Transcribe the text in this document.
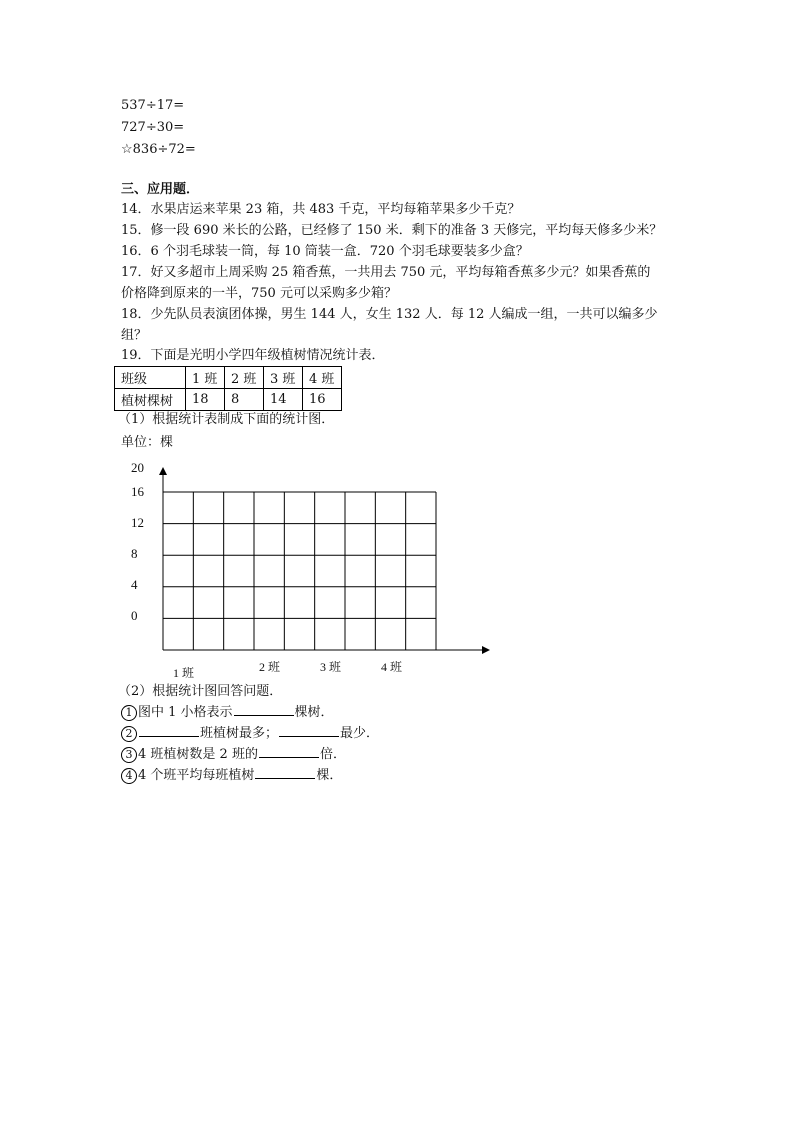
537÷17=
727÷30=
☆836÷72=
三、应用题．
14．水果店运来苹果 23 箱，共 483 千克，平均每箱苹果多少千克？
15．修一段 690 米长的公路，已经修了 150 米．剩下的准备 3 天修完，平均每天修多少米？
16．6 个羽毛球装一筒，每 10 筒装一盒．720 个羽毛球要装多少盒？
17．好又多超市上周采购 25 箱香蕉，一共用去 750 元，平均每箱香蕉多少元？如果香蕉的
价格降到原来的一半，750 元可以采购多少箱？
18．少先队员表演团体操，男生 144 人，女生 132 人．每 12 人编成一组，一共可以编多少
组？
19．下面是光明小学四年级植树情况统计表．
班级	1 班	2 班	3 班	4 班
植树棵树	18	8	14	16
（1）根据统计表制成下面的统计图．
单位：棵
20
16
12
8
4
0
1 班	2 班	3 班	4 班
（2）根据统计图回答问题．
1 图中 1 小格表示	棵树．
2	班植树最多；	最少．
3 4 班植树数是 2 班的	倍．
4 4 个班平均每班植树	棵．
